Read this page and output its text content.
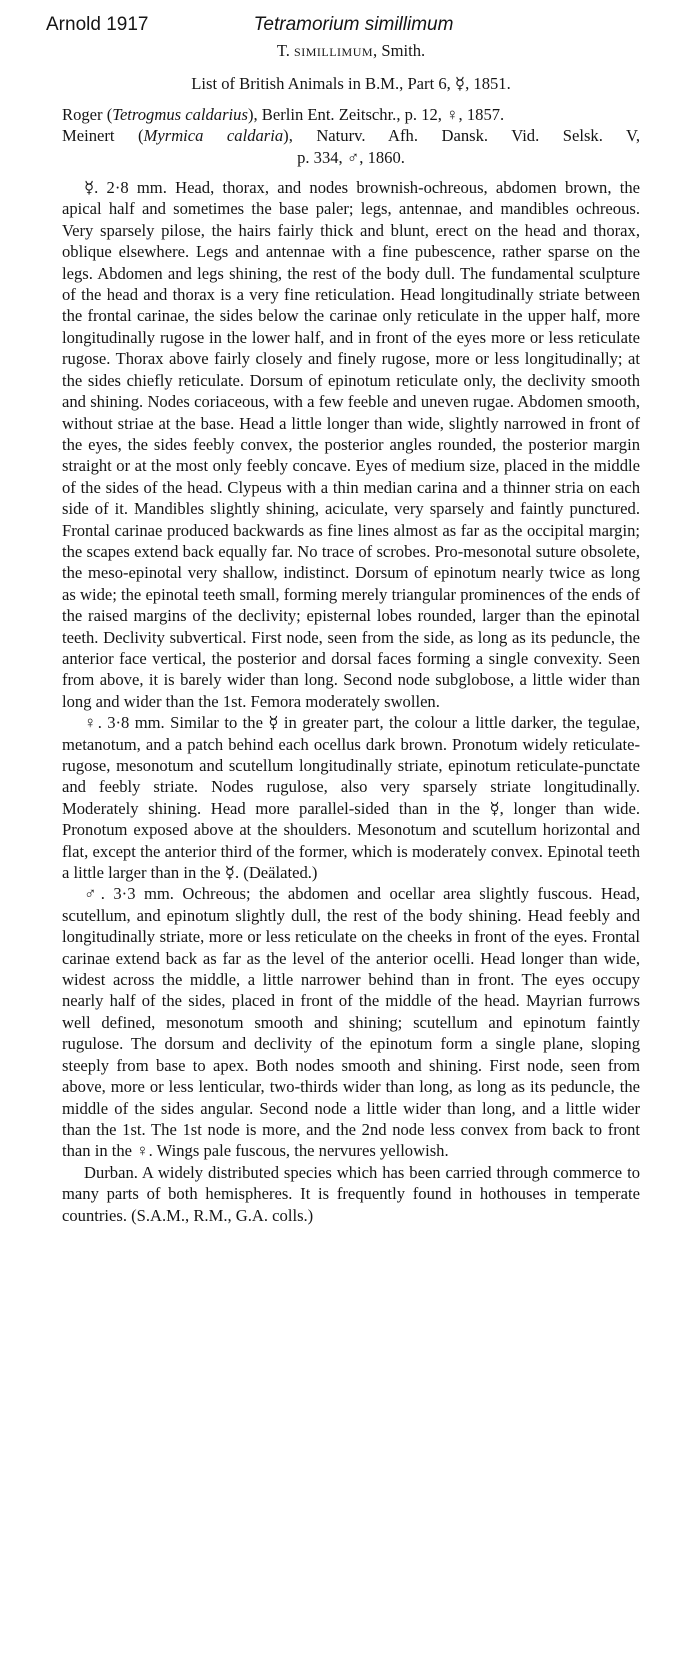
Arnold 1917	Tetramorium simillimum

T. simillimum, Smith.

List of British Animals in B.M., Part 6, ☿, 1851.

Roger (Tetrogmus caldarius), Berlin Ent. Zeitschr., p. 12, ♀, 1857.

Meinert (Myrmica caldaria), Naturv. Afh. Dansk. Vid. Selsk. V,

p. 334, ♂, 1860.

☿. 2·8 mm. Head, thorax, and nodes brownish-ochreous, abdomen brown, the apical half and sometimes the base paler; legs, antennae, and mandibles ochreous. Very sparsely pilose, the hairs fairly thick and blunt, erect on the head and thorax, oblique elsewhere. Legs and antennae with a fine pubescence, rather sparse on the legs. Abdomen and legs shining, the rest of the body dull. The fundamental sculpture of the head and thorax is a very fine reticulation. Head longitudinally striate between the frontal carinae, the sides below the carinae only reticulate in the upper half, more longitudinally rugose in the lower half, and in front of the eyes more or less reticulate rugose. Thorax above fairly closely and finely rugose, more or less longitudinally; at the sides chiefly reticulate. Dorsum of epinotum reticulate only, the declivity smooth and shining. Nodes coriaceous, with a few feeble and uneven rugae. Abdomen smooth, without striae at the base. Head a little longer than wide, slightly narrowed in front of the eyes, the sides feebly convex, the posterior angles rounded, the posterior margin straight or at the most only feebly concave. Eyes of medium size, placed in the middle of the sides of the head. Clypeus with a thin median carina and a thinner stria on each side of it. Mandibles slightly shining, aciculate, very sparsely and faintly punctured. Frontal carinae produced backwards as fine lines almost as far as the occipital margin; the scapes extend back equally far. No trace of scrobes. Pro-mesonotal suture obsolete, the meso-epinotal very shallow, indistinct. Dorsum of epinotum nearly twice as long as wide; the epinotal teeth small, forming merely triangular prominences of the ends of the raised margins of the declivity; episternal lobes rounded, larger than the epinotal teeth. Declivity subvertical. First node, seen from the side, as long as its peduncle, the anterior face vertical, the posterior and dorsal faces forming a single convexity. Seen from above, it is barely wider than long. Second node subglobose, a little wider than long and wider than the 1st. Femora moderately swollen.

♀. 3·8 mm. Similar to the ☿ in greater part, the colour a little darker, the tegulae, metanotum, and a patch behind each ocellus dark brown. Pronotum widely reticulate-rugose, mesonotum and scutellum longitudinally striate, epinotum reticulate-punctate and feebly striate. Nodes rugulose, also very sparsely striate longitudinally. Moderately shining. Head more parallel-sided than in the ☿, longer than wide. Pronotum exposed above at the shoulders. Mesonotum and scutellum horizontal and flat, except the anterior third of the former, which is moderately convex. Epinotal teeth a little larger than in the ☿. (Deälated.)

♂. 3·3 mm. Ochreous; the abdomen and ocellar area slightly fuscous. Head, scutellum, and epinotum slightly dull, the rest of the body shining. Head feebly and longitudinally striate, more or less reticulate on the cheeks in front of the eyes. Frontal carinae extend back as far as the level of the anterior ocelli. Head longer than wide, widest across the middle, a little narrower behind than in front. The eyes occupy nearly half of the sides, placed in front of the middle of the head. Mayrian furrows well defined, mesonotum smooth and shining; scutellum and epinotum faintly rugulose. The dorsum and declivity of the epinotum form a single plane, sloping steeply from base to apex. Both nodes smooth and shining. First node, seen from above, more or less lenticular, two-thirds wider than long, as long as its peduncle, the middle of the sides angular. Second node a little wider than long, and a little wider than the 1st. The 1st node is more, and the 2nd node less convex from back to front than in the ♀. Wings pale fuscous, the nervures yellowish.

Durban. A widely distributed species which has been carried through commerce to many parts of both hemispheres. It is frequently found in hothouses in temperate countries. (S.A.M., R.M., G.A. colls.)
